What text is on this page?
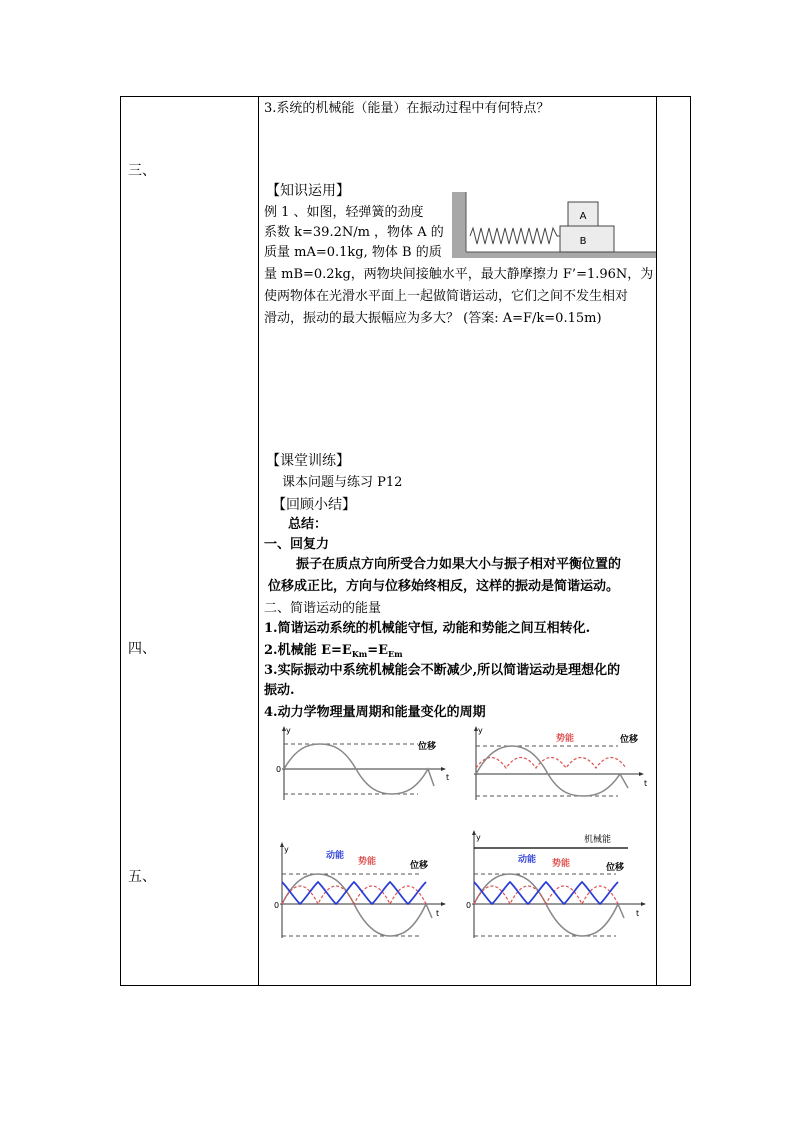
三、
四、
五、
3.系统的机械能（能量）在振动过程中有何特点？
【知识运用】
例 1 、如图，轻弹簧的劲度
系数 k=39.2N/m ，物体 A 的
质量 mA=0.1kg, 物体 B 的质
量 mB=0.2kg，两物块间接触水平，最大静摩擦力 F’=1.96N，为
使两物体在光滑水平面上一起做简谐运动，它们之间不发生相对
滑动，振动的最大振幅应为多大？ (答案: A=F/k=0.15m)
A
B
【课堂训练】
课本问题与练习 P12
【回顾小结】
总结：
一、回复力
振子在质点方向所受合力如果大小与振子相对平衡位置的
位移成正比，方向与位移始终相反，这样的振动是简谐运动。
二、简谐运动的能量
1.简谐运动系统的机械能守恒, 动能和势能之间互相转化.
2.机械能 $E=E_{Km}=E_{Em}$
3.实际振动中系统机械能会不断减少,所以简谐运动是理想化的
振动.
4.动力学物理量周期和能量变化的周期
y
t
0
位移
y
t
势能	位移
y
t
0
动能
势能	位移
y
t
0
机械能
动能 势能	位移
